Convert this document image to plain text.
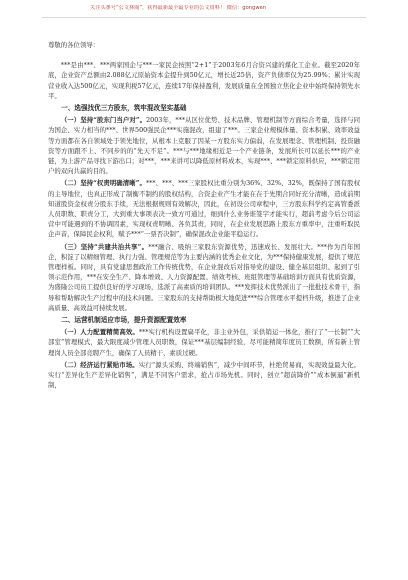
关注头条号“公文林阁”，获得最新最全最专业的公文资料！ 微信：gongwen

尊敬的各位领导：

***是由***、***两家国企与***一家民企按照“2+1”于2003年6月合资兴建的煤化工企业。截至2020年底，企业资产总额由2.088亿元原始资本金提升到50亿元，增长近25倍，资产负债率仅为25.99%；累计实现营业收入达500亿元，实现利税57亿元，连续17年保持盈利，发展质量在全国独立焦化企业中始终保持领先水平。

一、选强找优三方股东，筑牢混改坚实基础

（一）坚持“股东门当户对”。2003年，***从区位优势、技术品牌、管理机制等方面综合考量，选择与同为国企、实力相当的***、世界500强民企***实施混改，组建了***。三家企业规模体量、资本积累、效率效益等方面都在各自领域处于领先地位，从根本上克服了因某一方股东实力偏弱，在发展理念、管理机制、投资融资等方面跟不上、不同步的的“先天不足”。***与***地缘相近是一个产业链条，发展所长可以延长***的产业链，为上游产品寻找下游出口；对***，***来讲可以降低原材料成本，实现***、***锁定原料供应，***锁定用户的双向共赢的目的。

（二）坚持“权责明确清晰”。***、***、***三家股权比重分别为36%、32%、32%，既保持了国有股权的主导地位，也真正形成了制衡不制约的股权结构，合资企业产生才能在在于先期合同好充分清晰，造成前期知道股资金权责分股东手续，无法根据规则有效解决，因此，在初设公司章程中，三方股东科学约定高管委派人员职数、职责分工，大到重大事项表决一致方可通过，细到什么业务谁签字才能实行，超前考虑今后公司运营中可能遇到的不协调因素，实现权责明晰、各负其责，同时，在企业发展思路上股东方重率中，注重听取民企声音，保障民企权利，赋予***“一票否决制”，确保混改企业能平稳运行。

（三）坚持“共建共治共享”。***融合、吸纳三家股东资源优势，迅速成长、发展壮大。***作为百年国企，积淀了以精细管理、执行力强、管理规范等为主要内涵的优秀企业文化，为***保持健康发展，提供了规范管理样板。同时，具有党建思想政治工作传统优势，在企业混改后对指导党的建设、健全基层组织、起到了引领示范作用，***在安全生产、降本增效、人力资源配置、绩效考核、班组管理等基础培训方面具有优质资源，为盛隆公司员工提供良好的学习现场，选派了高素质的培训团队。***发挥技术优势派出了一批批技术骨干，指导和帮助解决生产过程中的技术问题。三家股东的支持帮助极大地促进***综合管理水平提档升级，推进了企业高质量、高效益可持续发展。

二、运营机制适应市场，提升资源配置效率

（一）人力配置精简高效。***实行机构设置扁平化，非主业外包，采供销运一体化，推行了“一长制”“大部室”管理模式，最大限度减少管理人员职数，保证***基层编制经验，尽可能精简年度员工数额，所有新上管理岗人员全部竞聘产生，确保了人员精干、素质过硬。

（二）经济运行紧贴市场。实行“源头采购、终端销售”，减少中间环节，杜绝贸易商，实现效益最大化。实行“差异化生产差异化销售”，满足不同客户需求，抢占市场先机。同时，创立“超前降价”“成本倒逼”新机制，
